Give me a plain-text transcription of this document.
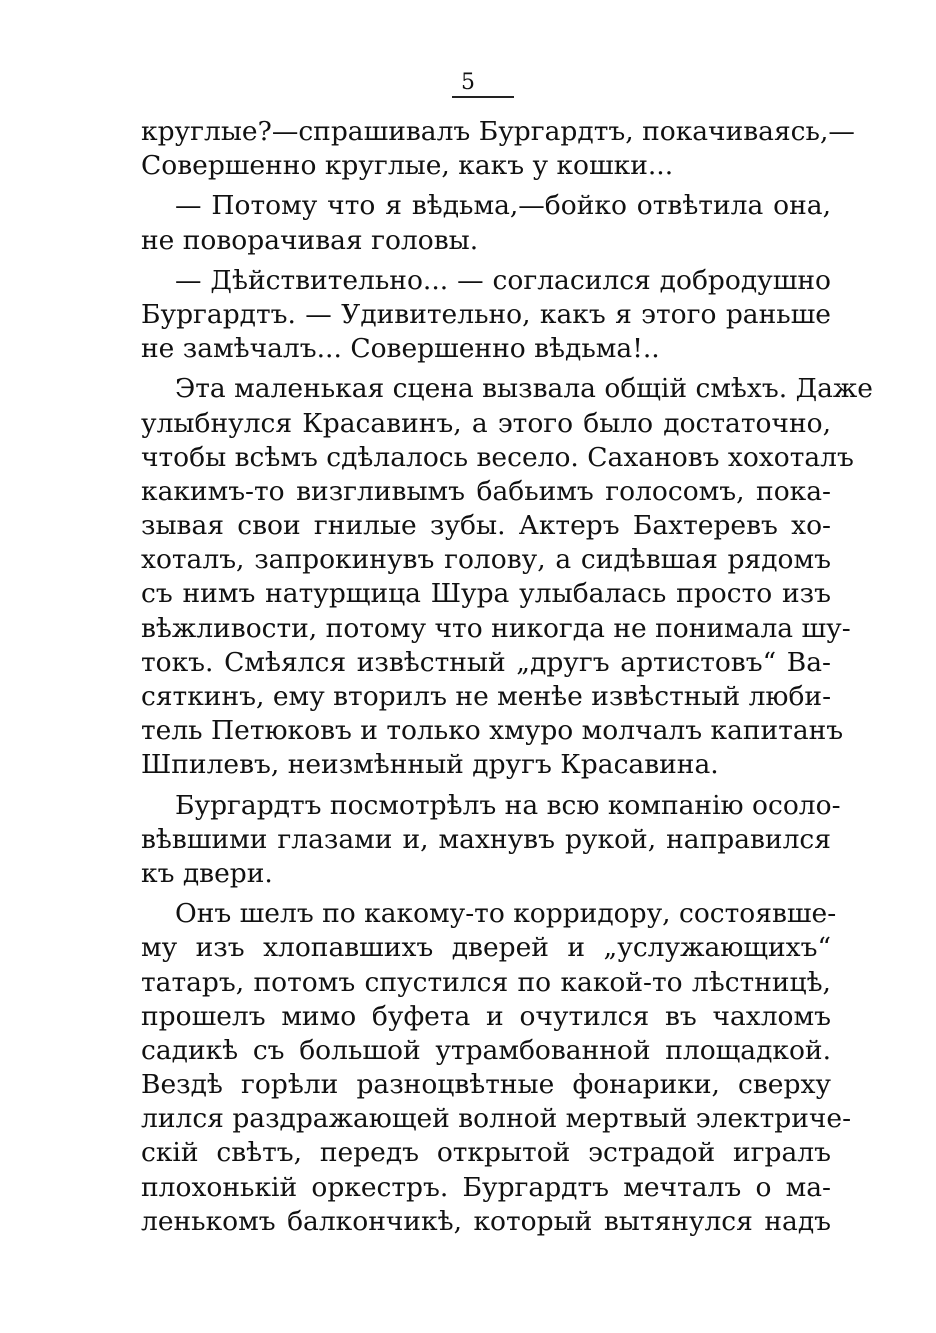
5
круглые?—спрашивалъ Бургардтъ, покачиваясь,—
Совершенно круглые, какъ у кошки...
— Потому что я вѣдьма,—бойко отвѣтила она,
не поворачивая головы.
— Дѣйствительно... — согласился добродушно
Бургардтъ. — Удивительно, какъ я этого раньше
не замѣчалъ... Совершенно вѣдьма!..
Эта маленькая сцена вызвала общій смѣхъ. Даже
улыбнулся Красавинъ, а этого было достаточно,
чтобы всѣмъ сдѣлалось весело. Сахановъ хохоталъ
какимъ-то визгливымъ бабьимъ голосомъ, пока-
зывая свои гнилые зубы. Актеръ Бахтеревъ хо-
хоталъ, запрокинувъ голову, а сидѣвшая рядомъ
съ нимъ натурщица Шура улыбалась просто изъ
вѣжливости, потому что никогда не понимала шу-
токъ. Смѣялся извѣстный „другъ артистовъ“ Ва-
сяткинъ, ему вторилъ не менѣе извѣстный люби-
тель Петюковъ и только хмуро молчалъ капитанъ
Шпилевъ, неизмѣнный другъ Красавина.
Бургардтъ посмотрѣлъ на всю компанію осоло-
вѣвшими глазами и, махнувъ рукой, направился
къ двери.
Онъ шелъ по какому-то корридору, состоявше-
му изъ хлопавшихъ дверей и „услужающихъ“
татаръ, потомъ спустился по какой-то лѣстницѣ,
прошелъ мимо буфета и очутился въ чахломъ
садикѣ съ большой утрамбованной площадкой.
Вездѣ горѣли разноцвѣтные фонарики, сверху
лился раздражающей волной мертвый электриче-
скій свѣтъ, передъ открытой эстрадой игралъ
плохонькій оркестръ. Бургардтъ мечталъ о ма-
ленькомъ балкончикѣ, который вытянулся надъ
